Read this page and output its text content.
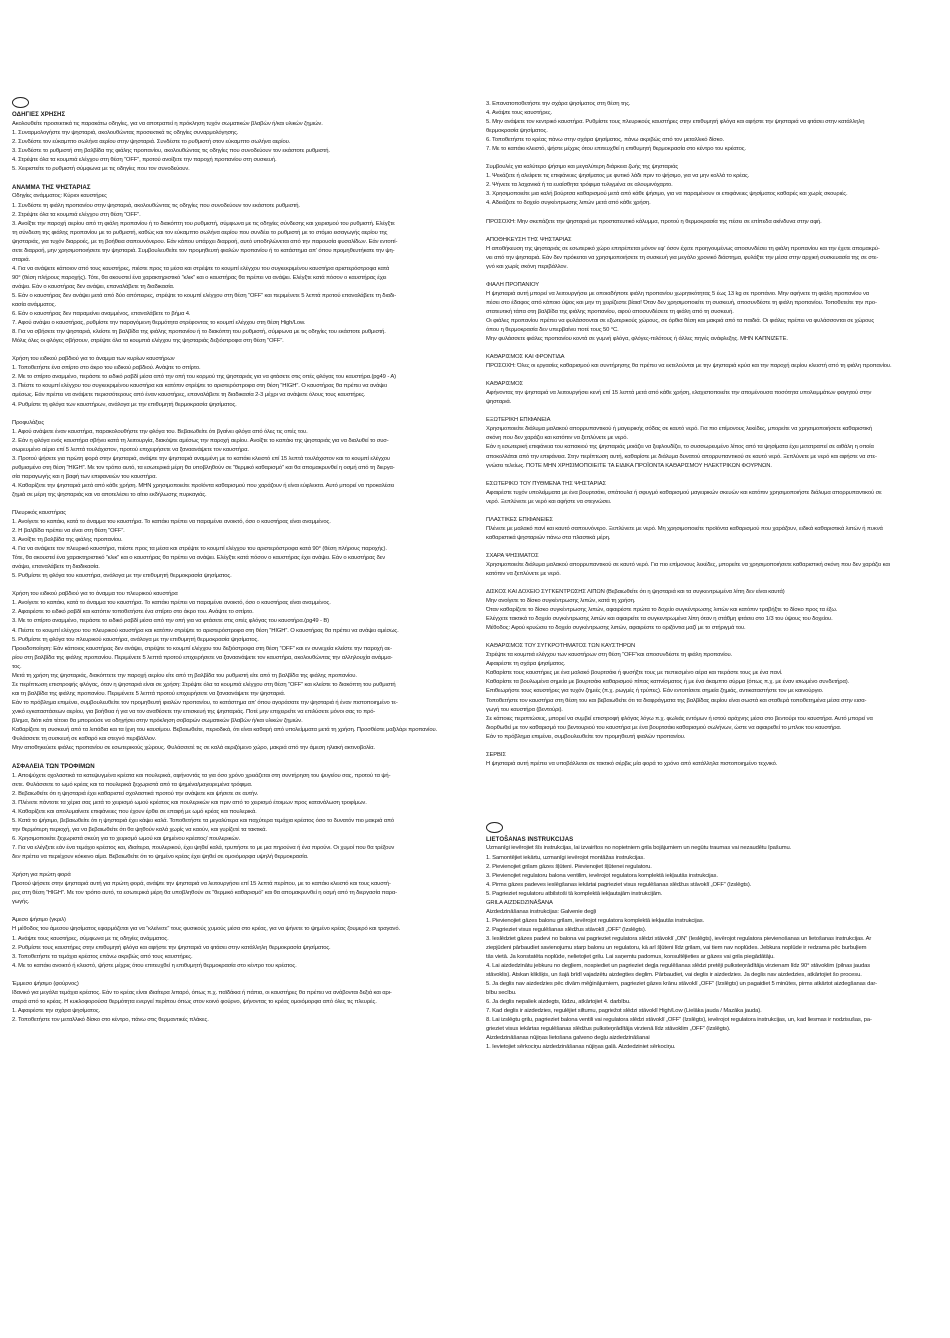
ΟΔΗΓΙΕΣ ΧΡΗΣΗΣ
Ακολουθείτε προσεκτικά τις παρακάτω οδηγίες, για να αποτραπεί η πρόκληση τυχόν σωματικών βλαβών ή/και υλικών ζημιών.
1. Συναρμολογήστε την ψησταριά, ακολουθώντας προσεκτικά τις οδηγίες συναρμολόγησης.
2. Συνδέστε τον εύκαμπτο σωλήνα αερίου στην ψησταριά. Συνδέστε το ρυθμιστή στον εύκαμπτο σωλήνα αερίου.
3. Συνδέστε το ρυθμιστή στη βαλβίδα της φιάλης προπανίου, ακολουθώντας τις οδηγίες που συνοδεύουν τον εκάστοτε ρυθμιστή.
4. Στρέψτε όλα τα κουμπιά ελέγχου στη θέση “OFF”, προτού ανοίξετε την παροχή προπανίου στη συσκευή.
5. Χειριστείτε το ρυθμιστή σύμφωνα με τις οδηγίες που τον συνοδεύουν.
ΑΝΑΜΜΑ ΤΗΣ ΨΗΣΤΑΡΙΑΣ
Οδηγίες ανάμματος: Κύριοι καυστήρες
1. Συνδέστε τη φιάλη προπανίου στην ψησταριά, ακολουθώντας τις οδηγίες που συνοδεύουν τον εκάστοτε ρυθμιστή.
2. Στρέψτε όλα τα κουμπιά ελέγχου στη θέση “OFF”.
3. Ανοίξτε την παροχή αερίου από τη φιάλη προπανίου ή το διακόπτη του ρυθμιστή, σύμφωνα με τις οδηγίες σύνδεσης και χειρισμού του ρυθμιστή. Ελέγξτε
τη σύνδεση της φιάλης προπανίου με το ρυθμιστή, καθώς και τον εύκαμπτο σωλήνα αερίου που συνδέει το ρυθμιστή με το στόμιο εισαγωγής αερίου της
ψησταριάς, για τυχόν διαρροές, με τη βοήθεια σαπουνόνερου. Εάν κάπου υπάρχει διαρροή, αυτό υποδηλώνεται από την παρουσία φυσαλίδων. Εάν εντοπί-
σετε διαρροή, μην χρησιμοποιήσετε την ψησταριά. Συμβουλευθείτε τον προμηθευτή φιαλών προπανίου ή το κατάστημα απ’ όπου προμηθευτήκατε την ψη-
σταριά.
4. Για να ανάψετε κάποιον από τους καυστήρες, πιέστε προς τα μέσα και στρέψτε το κουμπί ελέγχου του συγκεκριμένου καυστήρα αριστερόστροφα κατά
90° (θέση πλήρους παροχής). Τότε, θα ακουστεί ένα χαρακτηριστικό “κλικ” και ο καυστήρας θα πρέπει να ανάψει. Ελέγξτε κατά πόσον ο καυστήρας έχει
ανάψει. Εάν ο καυστήρας δεν ανάψει, επαναλάβετε τη διαδικασία.
5. Εάν ο καυστήρας δεν ανάψει μετά από δύο απόπειρες, στρέψτε το κουμπί ελέγχου στη θέση “OFF” και περιμένετε 5 λεπτά προτού επαναλάβετε τη διαδι-
κασία ανάμματος.
6. Εάν ο καυστήρας δεν παραμείνει αναμμένος, επαναλάβετε το βήμα 4.
7. Αφού ανάψει ο καυστήρας, ρυθμίστε την παραγόμενη θερμότητα στρέφοντας το κουμπί ελέγχου στη θέση High/Low.
8. Για να σβήσετε την ψησταριά, κλείστε τη βαλβίδα της φιάλης προπανίου ή το διακόπτη του ρυθμιστή, σύμφωνα με τις οδηγίες του εκάστοτε ρυθμιστή.
Μόλις όλες οι φλόγες σβήσουν, στρέψτε όλα τα κουμπιά ελέγχου της ψησταριάς δεξιόστροφα στη θέση “OFF”.
Χρήση του ειδικού ραβδιού για το άναμμα των κυρίων καυστήρων
1. Τοποθετήστε ένα σπίρτο στο άκρο του ειδικού ραβδιού. Ανάψτε το σπίρτο.
2. Με το σπίρτο αναμμένο, περάστε το ειδικό ραβδί μέσα από την οπή του κορμού της ψησταριάς για να φτάσετε στις οπές φλόγας του καυστήρα.(pg49 - A)
3. Πιέστε το κουμπί ελέγχου του συγκεκριμένου καυστήρα και κατόπιν στρέψτε το αριστερόστροφα στη θέση “HIGH”. Ο καυστήρας θα πρέπει να ανάψει
αμέσως. Εάν πρέπει να ανάψετε περισσότερους από έναν καυστήρες, επαναλάβετε τη διαδικασία 2-3 μέχρι να ανάψετε όλους τους καυστήρες.
4. Ρυθμίστε τη φλόγα των καυστήρων, ανάλογα με την επιθυμητή θερμοκρασία ψησίματος.
Προφυλάξεις
1. Αφού ανάψετε έναν καυστήρα, παρακολουθήστε την φλόγα του. Βεβαιωθείτε ότι βγαίνει φλόγα από όλες τις οπές του.
2. Εάν η φλόγα ενός καυστήρα σβήνει κατά τη λειτουργία, διακόψτε αμέσως την παροχή αερίου. Ανοίξτε το καπάκι της ψησταριάς για να διαλυθεί το συσ-
σωρευμένο αέριο επί 5 λεπτά τουλάχιστον, προτού επιχειρήσετε να ξαναανάψετε τον καυστήρα.
3. Προτού ψήσετε για πρώτη φορά στην ψησταριά, ανάψτε την ψησταριά αναμμένη με το καπάκι κλειστό επί 15 λεπτά τουλάχιστον και το κουμπί ελέγχου
ρυθμισμένο στη θέση “HIGH”. Με τον τρόπο αυτό, τα εσωτερικά μέρη θα υποβληθούν σε “θερμικό καθαρισμό” και θα απομακρυνθεί η οσμή από τη διεργα-
σία παραγωγής και η βαφή των επιφανειών του καυστήρα.
4. Καθαρίζετε την ψησταριά μετά από κάθε χρήση. ΜΗΝ χρησιμοποιείτε προϊόντα καθαρισμού που χαράζουν ή είναι εύφλεκτα. Αυτό μπορεί να προκαλέσει
ζημιά σε μέρη της ψησταριάς και να αποτελέσει το αίτιο εκδήλωσης πυρκαγιάς.
Πλευρικός καυστήρας
1. Ανοίγετε το καπάκι, κατά το άναμμα του καυστήρα. Το καπάκι πρέπει να παραμένει ανοικτό, όσο ο καυστήρας είναι αναμμένος.
2. Η βαλβίδα πρέπει να είναι στη θέση “OFF”.
3. Ανοίξτε τη βαλβίδα της φιάλης προπανίου.
4. Για να ανάψετε τον πλευρικό καυστήρα, πιέστε προς τα μέσα και στρέψτε το κουμπί ελέγχου του αριστερόστροφα κατά 90° (θέση πλήρους παροχής).
Τότε, θα ακουστεί ένα χαρακτηριστικό “κλικ” και ο καυστήρας θα πρέπει να ανάψει. Ελέγξτε κατά πόσον ο καυστήρας έχει ανάψει. Εάν ο καυστήρας δεν
ανάψει, επαναλάβετε τη διαδικασία.
5. Ρυθμίστε τη φλόγα του καυστήρα, ανάλογα με την επιθυμητή θερμοκρασία ψησίματος.
Χρήση του ειδικού ραβδιού για το άναμμα του πλευρικού καυστήρα
1. Ανοίγετε το καπάκι, κατά το άναμμα του καυστήρα. Το καπάκι πρέπει να παραμένει ανοικτό, όσο ο καυστήρας είναι αναμμένος.
2. Αφαιρέστε το ειδικό ραβδί και κατόπιν τοποθετήστε ένα σπίρτο στο άκρο του. Ανάψτε το σπίρτο.
3. Με το σπίρτο αναμμένο, περάστε το ειδικό ραβδί μέσα από την οπή για να φτάσετε στις οπές φλόγας του καυστήρα.(pg49 - B)
4. Πιέστε το κουμπί ελέγχου του πλευρικού καυστήρα και κατόπιν στρέψτε το αριστερόστροφα στη θέση “HIGH”. Ο καυστήρας θα πρέπει να ανάψει αμέσως.
5. Ρυθμίστε τη φλόγα του πλευρικού καυστήρα, ανάλογα με την επιθυμητή θερμοκρασία ψησίματος.
Προειδοποίηση: Εάν κάποιος καυστήρας δεν ανάψει, στρέψτε το κουμπί ελέγχου του δεξιόστροφα στη θέση “OFF” και εν συνεχεία κλείστε την παροχή αε-
ρίου στη βαλβίδα της φιάλης προπανίου. Περιμένετε 5 λεπτά προτού επιχειρήσετε να ξαναανάψετε τον καυστήρα, ακολουθώντας την αλληλουχία ανάμμα-
τος.
Μετά τη χρήση της ψησταριάς, διακόπτετε την παροχή αερίου είτε από τη βαλβίδα του ρυθμιστή είτε από τη βαλβίδα της φιάλης προπανίου.
Σε περίπτωση επιστροφής φλόγας, όταν η ψησταριά είναι σε χρήση: Στρέψτε όλα τα κουμπιά ελέγχου στη θέση “OFF” και κλείστε το διακόπτη του ρυθμιστή
και τη βαλβίδα της φιάλης προπανίου. Περιμένετε 5 λεπτά προτού επιχειρήσετε να ξαναανάψετε την ψησταριά.
Εάν το πρόβλημα επιμένει, συμβουλευθείτε τον προμηθευτή φιαλών προπανίου, το κατάστημα απ’ όπου αγοράσατε την ψησταριά ή έναν πιστοποιημένο τε-
χνικό εγκαταστάσεων αερίου, για βοήθεια ή για να τον αναθέσετε την επισκευή της ψησταριάς. Ποτέ μην επιχειρείτε να επιλύσετε μόνοι σας το πρό-
βλημα, διότι κάτι τέτοιο θα μπορούσε να οδηγήσει στην πρόκληση σοβαρών σωματικών βλαβών ή/και υλικών ζημιών.
Καθαρίζετε τη συσκευή από τα λιπάδια και τα ίχνη του καυσίμου. Βεβαιωθείτε, περιοδικά, ότι είναι καθαρή από υπολείμματα μετά τη χρήση. Προσθέστε μαξιλάρι προπανίου.
Φυλάσσετε τη συσκευή σε καθαρό και στεγνό περιβάλλον.
Μην αποθηκεύετε φιάλες προπανίου σε εσωτερικούς χώρους. Φυλάσσετέ τις σε καλά αεριζόμενο χώρο, μακριά από την άμεση ηλιακή ακτινοβολία.
ΑΣΦΑΛΕΙΑ ΤΩΝ ΤΡΟΦΙΜΩΝ
1. Αποψύχετε οχολαστικά τα κατεψυγμένα κρέατα και πουλερικά, αφήνοντάς τα για όσο χρόνο χρειάζεται στη συντήρηση του ψυγείου σας, προτού τα ψή-
σετε. Φυλάσσετε το ωμό κρέας και τα πουλερικά ξεχωριστά από τα ψημένα/μαγειρεμένα τρόφιμα.
2. Βεβαιωθείτε ότι η ψησταριά έχει καθαριστεί σχολαστικά προτού την ανάψετε και ψήσετε σε αυτήν.
3. Πλένετε πάντοτε τα χέρια σας μετά το χειρισμό ωμού κρέατος και πουλερικών και πριν από το χειρισμό έτοιμων προς κατανάλωση τροφίμων.
4. Καθαρίζετε και απολυμαίνετε επιφάνειες που έχουν έρθει σε επαφή με ωμό κρέας και πουλερικά.
5. Κατά το ψήσιμο, βεβαιωθείτε ότι η ψησταριά έχει κάψει καλά. Τοποθετήστε τα μεγαλύτερα και παχύτερα τεμάχια κρέατος όσο το δυνατόν πιο μακριά από
την θερμότερη περιοχή, για να βεβαιωθείτε ότι θα ψηθούν καλά χωρίς να καούν, και γυρίζετέ τα τακτικά.
6. Χρησιμοποιείτε ξεχωριστά σκεύη για το χειρισμό ωμού και ψημένου κρέατος/ πουλερικών.
7. Για να ελέγξετε εάν ένα τεμάχιο κρέατος και, ιδιαίτερα, πουλερικού, έχει ψηθεί καλά, τρυπήστε το με μια πηρούνα ή ένα πιρούνι. Οι χυμοί που θα τρέξουν
δεν πρέπει να περιέχουν κόκκινο αίμα. Βεβαιωθείτε ότι το ψημένο κρέας έχει ψηθεί σε ομοιόμορφα υψηλή θερμοκρασία.
Χρήση για πρώτη φορά
Προτού ψήσετε στην ψησταριά αυτή για πρώτη φορά, ανάψτε την ψησταριά να λειτουργήσει επί 15 λεπτά περίπου, με το καπάκι κλειστό και τους καυστή-
ρες στη θέση “HIGH”. Με τον τρόπο αυτό, τα εσωτερικά μέρη θα υποβληθούν σε “θερμικό καθαρισμό” και θα απομακρυνθεί η οσμή από τη διεργασία παρα-
γωγής.
Άμεσο ψήσιμο (γκριλ)
Η μέθοδος του άμεσου ψησίματος εφαρμόζεται για να “κλείνετε” τους φυσικούς χυμούς μέσα στο κρέας, για να ψήνετε το ψημένο κρέας ζουμερό και τραγανό.
1. Ανάψτε τους καυστήρες, σύμφωνα με τις οδηγίες ανάμματος.
2. Ρυθμίστε τους καυστήρες στην επιθυμητή φλόγα και αφήστε την ψησταριά να φτάσει στην κατάλληλη θερμοκρασία ψησίματος.
3. Τοποθετήστε τα τεμάχια κρέατος επάνω ακριβώς από τους καυστήρες.
4. Με το καπάκι ανοικτό ή κλειστό, ψήστε μέχρις ότου επιτευχθεί η επιθυμητή θερμοκρασία στο κέντρο του κρέατος.
Έμμεσο ψήσιμο (φούρνος)
Ιδανικό για μεγάλα τεμάχια κρέατος. Εάν το κρέας είναι ιδιαίτερα λιπαρό, όπως π.χ. παϊδάκια ή πάπια, οι καυστήρες θα πρέπει να ανάβονται δεξιά και αρι-
στερά από το κρέας. Η κυκλοφορούσα θερμότητα ενεργεί περίπου όπως στον κοινό φούρνο, ψήνοντας το κρέας ομοιόμορφα από όλες τις πλευρές.
1. Αφαιρέστε την σχάρα ψησίματος.
2. Τοποθετήστε τον μεταλλικό δίσκο στο κέντρο, πάνω στις θερμαντικές πλάκες.
3. Επανατοποθετήστε την σχάρα ψησίματος στη θέση της.
4. Ανάψτε τους καυστήρες.
5. Μην ανάψετε τον κεντρικό καυστήρα. Ρυθμίστε τους πλευρικούς καυστήρες στην επιθυμητή φλόγα και αφήστε την ψησταριά να φτάσει στην κατάλληλη
θερμοκρασία ψησίματος.
6. Τοποθετήστε το κρέας πάνω στην σχάρα ψησίματος, πάνω ακριβώς από τον μεταλλικό δίσκο.
7. Με το καπάκι κλειστό, ψήστε μέχρις ότου επιτευχθεί η επιθυμητή θερμοκρασία στο κέντρο του κρέατος.
Συμβουλές για καλύτερο ψήσιμο και μεγαλύτερη διάρκεια ζωής της ψησταριάς
1. Ψεκάζετε ή αλείφετε τις επιφάνειες ψησίματος με φυτικό λάδι πριν το ψήσιμο, για να μην κολλά το κρέας.
2. Ψήνετε τα λαχανικά ή τα ευαίσθητα τρόφιμα τυλιγμένα σε αλουμινόχαρτο.
3. Χρησιμοποιείτε μια καλή βούρτσα καθαρισμού μετά από κάθε ψήσιμο, για να παραμένουν οι επιφάνειες ψησίματος καθαρές και χωρίς σκουριές.
4. Αδειάζετε το δοχείο συγκέντρωσης λιπών μετά από κάθε χρήση.
ΠΡΟΣΟΧΗ: Μην σκεπάζετε την ψησταριά με προστατευτικό κάλυμμα, προτού η θερμοκρασία της πέσει σε επίπεδα ακίνδυνα στην αφή.
ΑΠΟΘΗΚΕΥΣΗ ΤΗΣ ΨΗΣΤΑΡΙΑΣ
Η αποθήκευση της ψησταριάς σε εσωτερικό χώρο επιτρέπεται μόνον εφ’ όσον έχετε προηγουμένως αποσυνδέσει τη φιάλη προπανίου και την έχετε απομακρύ-
νει από την ψησταριά. Εάν δεν πρόκειται να χρησιμοποιήσετε τη συσκευή για μεγάλο χρονικό διάστημα, φυλάξτε την μέσα στην αρχική συσκευασία της σε στε-
γνό και χωρίς σκόνη περιβάλλον.
ΦΙΑΛΗ ΠΡΟΠΑΝΙΟΥ
Η ψησταριά αυτή μπορεί να λειτουργήσει με οποιαδήποτε φιάλη προπανίου χωρητικότητας 5 έως 13 kg σε προπάνιο. Μην αφήνετε τη φιάλη προπανίου να
πέσει στο έδαφος από κάποιο ύψος και μην τη χειρίζεστε βίαια! Όταν δεν χρησιμοποιείτε τη συσκευή, αποσυνδέστε τη φιάλη προπανίου. Τοποθετείτε την προ-
στατευτική τάπα στη βαλβίδα της φιάλης προπανίου, αφού αποσυνδέσετε τη φιάλη από τη συσκευή.
Οι φιάλες προπανίου πρέπει να φυλάσσονται σε εξωτερικούς χώρους, σε όρθια θέση και μακριά από τα παιδιά. Οι φιάλες πρέπει να φυλάσσονται σε χώρους
όπου η θερμοκρασία δεν υπερβαίνει ποτέ τους 50 °C.
Μην φυλάσσετε φιάλες προπανίου κοντά σε γυμνή φλόγα, φλόγες-πιλότους ή άλλες πηγές ανάφλεξης. ΜΗΝ ΚΑΠΝΙΖΕΤΕ.
ΚΑΘΑΡΙΣΜΟΣ ΚΑΙ ΦΡΟΝΤΙΔΑ
ΠΡΟΣΟΧΗ: Όλες οι εργασίες καθαρισμού και συντήρησης θα πρέπει να εκτελούνται με την ψησταριά κρύα και την παροχή αερίου κλειστή από τη φιάλη προπανίου.
ΚΑΘΑΡΙΣΜΟΣ
Αφήνοντας την ψησταριά να λειτουργήσει κενή επί 15 λεπτά μετά από κάθε χρήση, ελαχιστοποιείτε την απομένουσα ποσότητα υπολειμμάτων φαγητού στην
ψησταριά.
ΕΞΩΤΕΡΙΚΗ ΕΠΙΦΑΝΕΙΑ
Χρησιμοποιείτε διάλυμα μαλακού απορρυπαντικού ή μαγειρικής σόδας σε καυτό νερό. Για πιο επίμονους λεκέδες, μπορείτε να χρησιμοποιήσετε καθαριστική
σκόνη που δεν χαράζει και κατόπιν να ξεπλύνετε με νερό.
Εάν η εσωτερική επιφάνεια του καπακιού της ψησταριάς μοιάζει να ξεφλουδίζει, το συσσωρευμένο λίπος από τα ψησίματα έχει μετατραπεί σε αιθάλη η οποία
αποκολλάται από την επιφάνεια. Στην περίπτωση αυτή, καθαρίστε με διάλυμα δυνατού απορρυπαντικού σε καυτό νερό. Ξεπλύνετε με νερό και αφήστε να στε-
γνώσει τελείως. ΠΟΤΕ ΜΗΝ ΧΡΗΣΙΜΟΠΟΙΕΙΤΕ ΤΑ ΕΙΔΙΚΑ ΠΡΟΪΟΝΤΑ ΚΑΘΑΡΙΣΜΟΥ ΗΛΕΚΤΡΙΚΩΝ ΦΟΥΡΝΩΝ.
ΕΣΩΤΕΡΙΚΟ ΤΟΥ ΠΥΘΜΕΝΑ ΤΗΣ ΨΗΣΤΑΡΙΑΣ
Αφαιρέστε τυχόν υπολείμματα με ένα βουρτσάκι, σπάτουλα ή σφυγμό καθαρισμού μαγειρικών σκευών και κατόπιν χρησιμοποιήστε διάλυμα απορρυπαντικού σε
νερό. Ξεπλύνετε με νερό και αφήστε να στεγνώσει.
ΠΛΑΣΤΙΚΕΣ ΕΠΙΦΑΝΕΙΕΣ
Πλένετε με μαλακό πανί και καυτό σαπουνόνερο. Ξεπλύνετε με νερό. Μη χρησιμοποιείτε προϊόντα καθαρισμού που χαράζουν, ειδικά καθαριστικά λιπών ή πυκνά
καθαριστικά ψησταριών πάνω στα πλαστικά μέρη.
ΣΧΑΡΑ ΨΗΣΙΜΑΤΟΣ
Χρησιμοποιείτε διάλυμα μαλακού απορρυπαντικού σε καυτό νερό. Για πιο επίμονους λεκέδες, μπορείτε να χρησιμοποιήσετε καθαριστική σκόνη που δεν χαράζει και
κατόπιν να ξεπλύνετε με νερό.
ΔΙΣΚΟΣ ΚΑΙ ΔΟΧΕΙΟ ΣΥΓΚΕΝΤΡΩΣΗΣ ΛΙΠΩΝ (Βεβαιωθείτε ότι η ψησταριά και τα συγκεντρωμένα λίπη δεν είναι καυτά)
Μην ανοίγετε το δίσκο συγκέντρωσης λιπών, κατά τη χρήση.
Όταν καθαρίζετε το δίσκο συγκέντρωσης λιπών, αφαιρέστε πρώτα το δοχείο συγκέντρωσης λιπών και κατόπιν τραβήξτε το δίσκο προς τα έξω.
Ελέγχετε τακτικά το δοχείο συγκέντρωσης λιπών και αφαιρείτε τα συγκεντρωμένα λίπη όταν η στάθμη φτάσει στο 1/3 του ύψους του δοχείου.
Μέθοδος: Αφού κρυώσει το δοχείο συγκέντρωσης λιπών, αφαιρέστε το οριζόντια μαζί με το στήριγμά του.
ΚΑΘΑΡΙΣΜΟΣ ΤΟΥ ΣΥΓΚΡΟΤΗΜΑΤΟΣ ΤΩΝ ΚΑΥΣΤΗΡΩΝ
Στρέψτε τα κουμπιά ελέγχου των καυστήρων στη θέση “OFF”και αποσυνδέστε τη φιάλη προπανίου.
Αφαιρέστε τη σχάρα ψησίματος.
Καθαρίστε τους καυστήρες με ένα μαλακό βουρτσάκι ή φυσήξτε τους με πεπιεσμένο αέρα και περάστε τους με ένα πανί.
Καθαρίστε τα βουλωμένα σημεία με βουρτσάκι καθαρισμού πίπας καπνίσματος ή με ένα άκαμπτο σύρμα (όπως π.χ. με έναν ισιωμένο συνδετήρα).
Επιθεωρήστε τους καυστήρες για τυχόν ζημιές (π.χ. ρωγμές ή τρύπες). Εάν εντοπίσετε σημεία ζημιάς, αντικαταστήστε τον με καινούργιο.
Τοποθετήστε τον καυστήρα στη θέση του και βεβαιωθείτε ότι τα διαφράγματα της βαλβίδας αερίου είναι σωστά και σταθερά τοποθετημένα μέσα στην εισα-
γωγή του καυστήρα (βεντούρι).
Σε κάποιες περιπτώσεις, μπορεί να συμβεί επιστροφή φλόγας λόγω π.χ. φωλιάς εντόμων ή ιστού αράχνης μέσα στο βεντούρι του καυστήρα. Αυτό μπορεί να
διορθωθεί με τον καθαρισμό του βεντουριού του καυστήρα με ένα βουρτσάκι καθαρισμού σωλήνων, ώστε να αφαιρεθεί το μπλοκ του καυστήρα.
Εάν το πρόβλημα επιμένει, συμβουλευθείτε τον προμηθευτή φιαλών προπανίου.
ΣΕΡΒΙΣ
Η ψησταριά αυτή πρέπει να υποβάλλεται σε τακτικό σέρβις μία φορά το χρόνο από κατάλληλα πιστοποιημένο τεχνικό.
LIETOŠANAS INSTRUKCIJAS
Uzmanīgi ievērojiet šīs instrukcijas, lai izvairītos no nopietniem grila bojājumiem un negūtu traumas vai nezaudētu īpašumu.
1. Samontējiet iekārtu, uzmanīgi ievērojot montāžas instrukcijas.
2. Pievienojiet grilam gāzes šļūteni. Pievienojiet šļūtenei regulatoru.
3. Pievienojiet regulatoru balona ventilim, ievērojot regulatora komplektā iekļautās instrukcijas.
4. Pirms gāzes padeves ieslēgšanas iekārtai pagrieziet visus regulēšanas slēdžus stāvoklī „OFF” (Izslēgts).
5. Pagrieziet regulatoru atbilstoši tā komplektā iekļautajām instrukcijām.
GRILA AIZDEDZINĀŠANA
Aizdedzināšanas instrukcijas: Galvenie degļi
1. Pievienojiet gāzes balonu grilam, ievērojot regulatora komplektā iekļautās instrukcijas.
2. Pagrieziet visus regulēšanas slēdžus stāvoklī „OFF” (Izslēgts).
3. Ieslēdziet gāzes padevi no balona vai pagrieziet regulatora slēdzi stāvoklī „ON” (Ieslēgts), ievērojot regulatora pievienošanas un lietošanas instrukcijas. Ar
ziepjūdeni pārbaudiet savienojumu starp balonu un regulatoru, kā arī šļūteni līdz grilam, vai tiem nav noplūdes. Jebkura noplūde ir redzama pēc burbuļiem
tās vietā. Ja konstatēta noplūde, nelietojiet grilu. Lai saņemtu padomus, konsultējieties ar gāzes vai grila piegādātāju.
4. Lai aizdedzinātu jebkuru no degļiem, nospiediet un pagrieziet degļa regulēšanas slēdzi pretēji pulksteņrādītāja virzienam līdz 90° stāvoklim (pilnas jaudas
stāvoklis). Atskan klikšķis, un šajā brīdī vajadzētu aizdegties deglim. Pārbaudiet, vai deglis ir aizdedzies. Ja deglis nav aizdedzies, atkārtojiet šo procesu.
5. Ja deglis nav aizdedzies pēc divām mēģinājumiem, pagrieziet gāzes krānu stāvoklī „OFF” (Izslēgts) un pagaidiet 5 minūtes, pirms atkārtot aizdegšanas dar-
bību secību.
6. Ja deglis nepaliek aizdegts, lūdzu, atkārtojiet 4. darbību.
7. Kad deglis ir aizdedzies, regulējiet siltumu, pagriežot slēdzi stāvoklī High/Low (Lielāka jauda / Mazāka jauda).
8. Lai izslēgtu grilu, pagrieziet balona ventili vai regulatora slēdzi stāvoklī „OFF” (Izslēgts), ievērojot regulatora instrukcijas, un, kad liesmas ir nodzisušas, pa-
grieziet visus iekārtas regulēšanas slēdžus pulksteņrādītāja virzienā līdz stāvoklim „OFF” (Izslēgts).
Aizdedzināšanas nūjiņas lietošana galveno degļu aizdedzināšanai
1. Ievietojiet sērkociņu aizdedzināšanas nūjiņas galā. Aizdedziniet sērkociņu.
